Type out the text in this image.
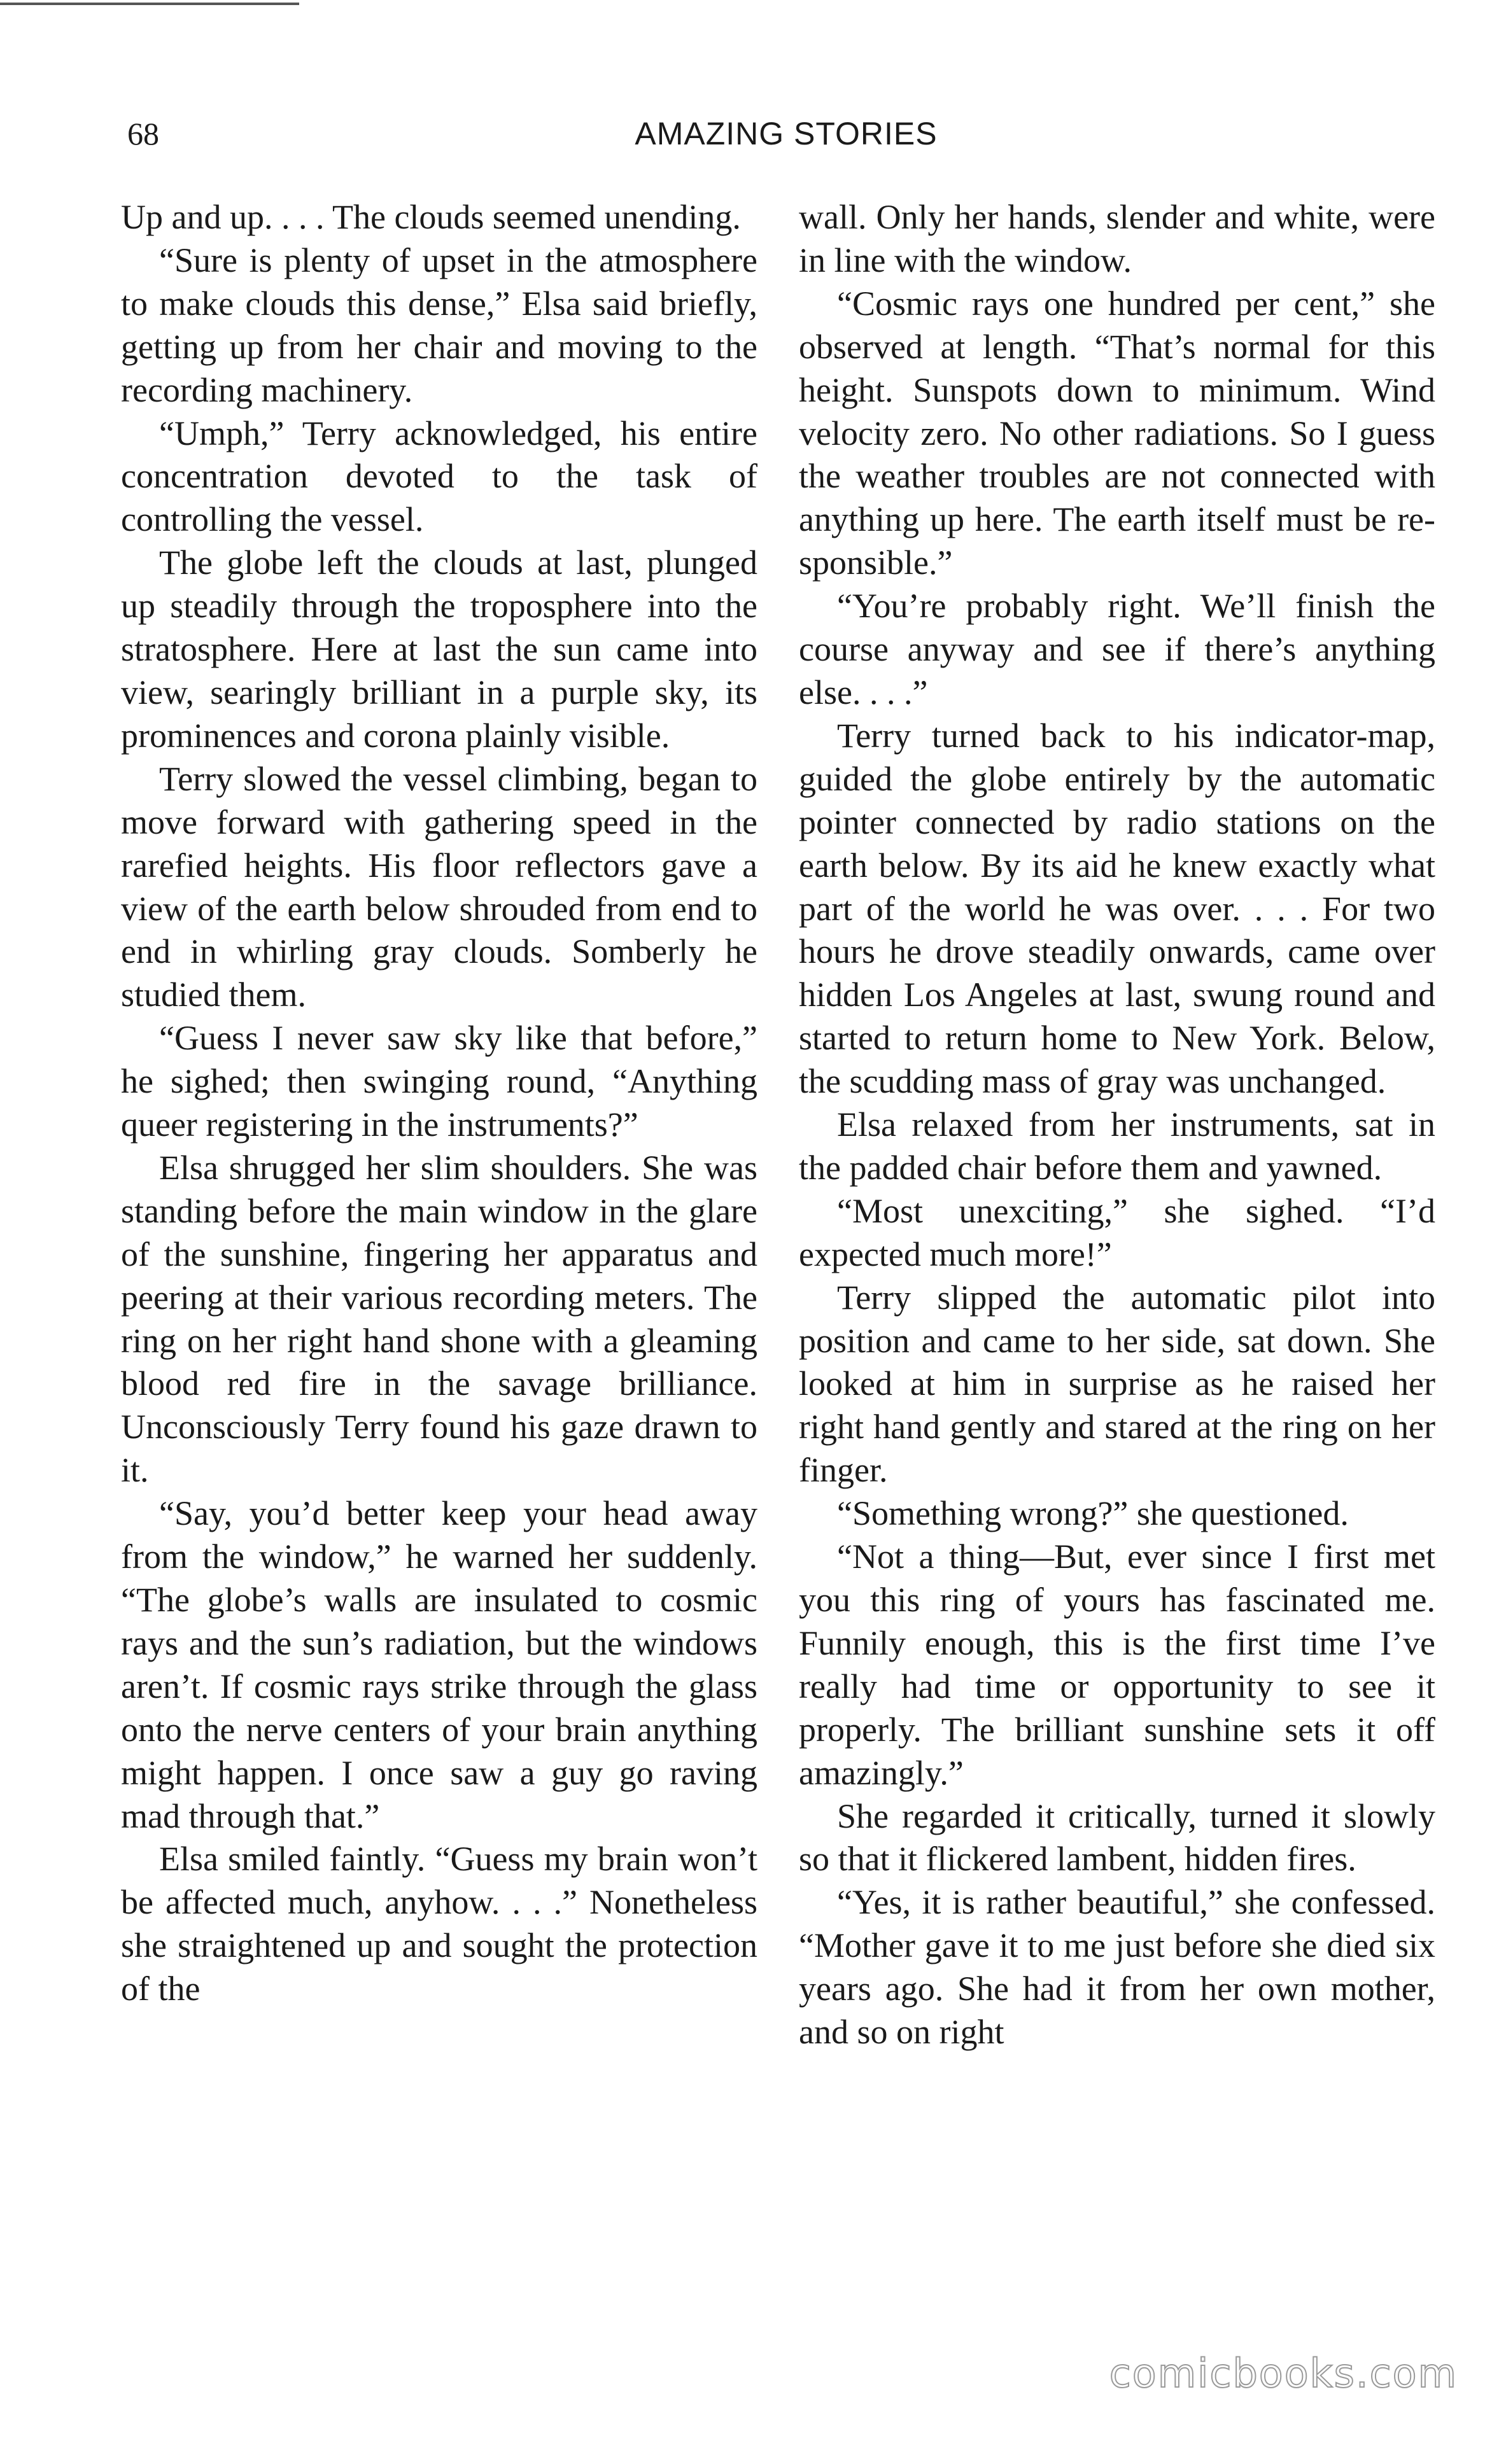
68	AMAZING STORIES

Up and up. . . . The clouds seemed unending.

“Sure is plenty of upset in the atmosphere to make clouds this dense,” Elsa said briefly, getting up from her chair and moving to the recording machinery.

“Umph,” Terry acknowledged, his entire concentration devoted to the task of controlling the vessel.

The globe left the clouds at last, plunged up steadily through the troposphere into the stratosphere. Here at last the sun came into view, searingly brilliant in a purple sky, its prominences and corona plainly visible.

Terry slowed the vessel climbing, began to move forward with gathering speed in the rarefied heights. His floor reflectors gave a view of the earth below shrouded from end to end in whirling gray clouds. Somberly he studied them.

“Guess I never saw sky like that before,” he sighed; then swinging round, “Anything queer registering in the instruments?”

Elsa shrugged her slim shoulders. She was standing before the main window in the glare of the sunshine, fingering her apparatus and peering at their various recording meters. The ring on her right hand shone with a gleaming blood red fire in the savage brilliance. Unconsciously Terry found his gaze drawn to it.

“Say, you’d better keep your head away from the window,” he warned her suddenly. “The globe’s walls are insulated to cosmic rays and the sun’s radiation, but the windows aren’t. If cosmic rays strike through the glass onto the nerve centers of your brain anything might happen. I once saw a guy go raving mad through that.”

Elsa smiled faintly. “Guess my brain won’t be affected much, anyhow. . . .” Nonetheless she straightened up and sought the protection of the

wall. Only her hands, slender and white, were in line with the window.

“Cosmic rays one hundred per cent,” she observed at length. “That’s normal for this height. Sunspots down to minimum. Wind velocity zero. No other radiations. So I guess the weather troubles are not connected with anything up here. The earth itself must be responsible.”

“You’re probably right. We’ll finish the course anyway and see if there’s anything else. . . .”

Terry turned back to his indicator-map, guided the globe entirely by the automatic pointer connected by radio stations on the earth below. By its aid he knew exactly what part of the world he was over. . . . For two hours he drove steadily onwards, came over hidden Los Angeles at last, swung round and started to return home to New York. Below, the scudding mass of gray was unchanged.

Elsa relaxed from her instruments, sat in the padded chair before them and yawned.

“Most unexciting,” she sighed. “I’d expected much more!”

Terry slipped the automatic pilot into position and came to her side, sat down. She looked at him in surprise as he raised her right hand gently and stared at the ring on her finger.

“Something wrong?” she questioned.

“Not a thing—But, ever since I first met you this ring of yours has fascinated me. Funnily enough, this is the first time I’ve really had time or opportunity to see it properly. The brilliant sunshine sets it off amazingly.”

She regarded it critically, turned it slowly so that it flickered lambent, hidden fires.

“Yes, it is rather beautiful,” she confessed. “Mother gave it to me just before she died six years ago. She had it from her own mother, and so on right

comicbooks.com
